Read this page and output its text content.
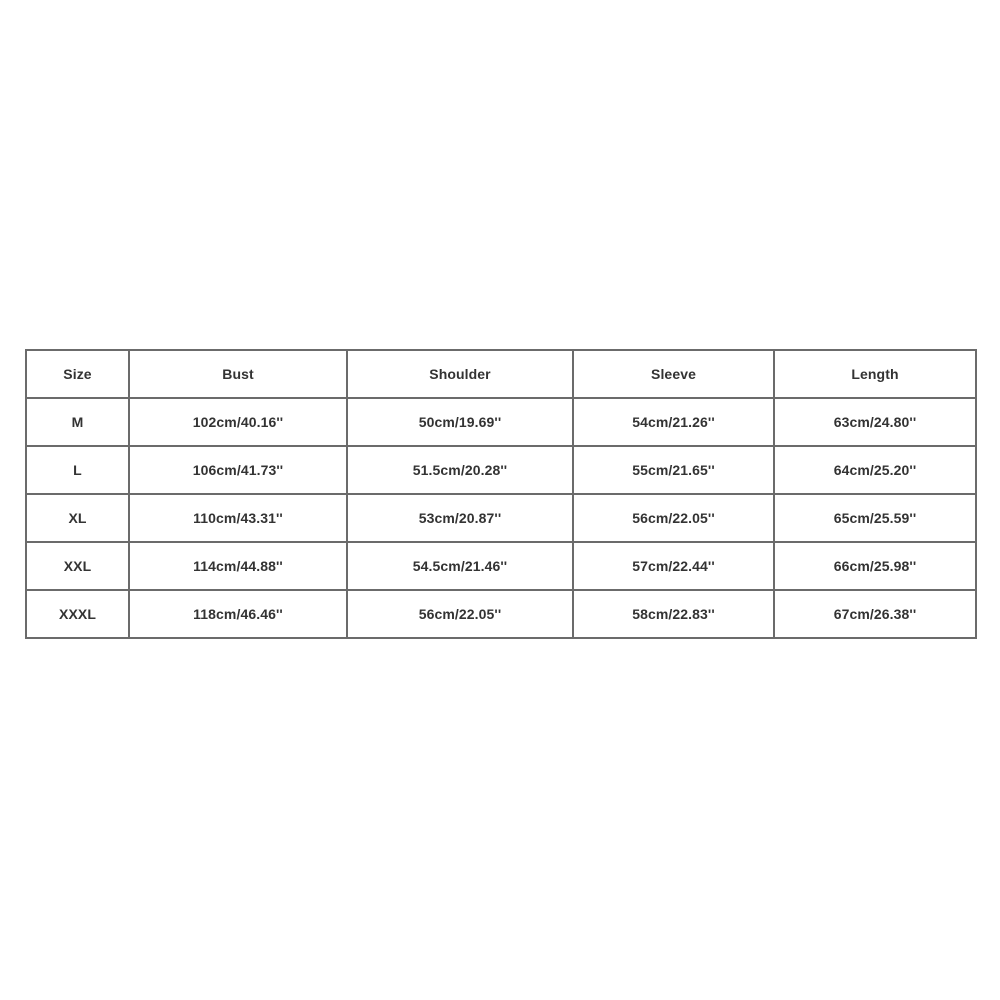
Size	Bust	Shoulder	Sleeve	Length
M	102cm/40.16''	50cm/19.69''	54cm/21.26''	63cm/24.80''
L	106cm/41.73''	51.5cm/20.28''	55cm/21.65''	64cm/25.20''
XL	110cm/43.31''	53cm/20.87''	56cm/22.05''	65cm/25.59''
XXL	114cm/44.88''	54.5cm/21.46''	57cm/22.44''	66cm/25.98''
XXXL	118cm/46.46''	56cm/22.05''	58cm/22.83''	67cm/26.38''
